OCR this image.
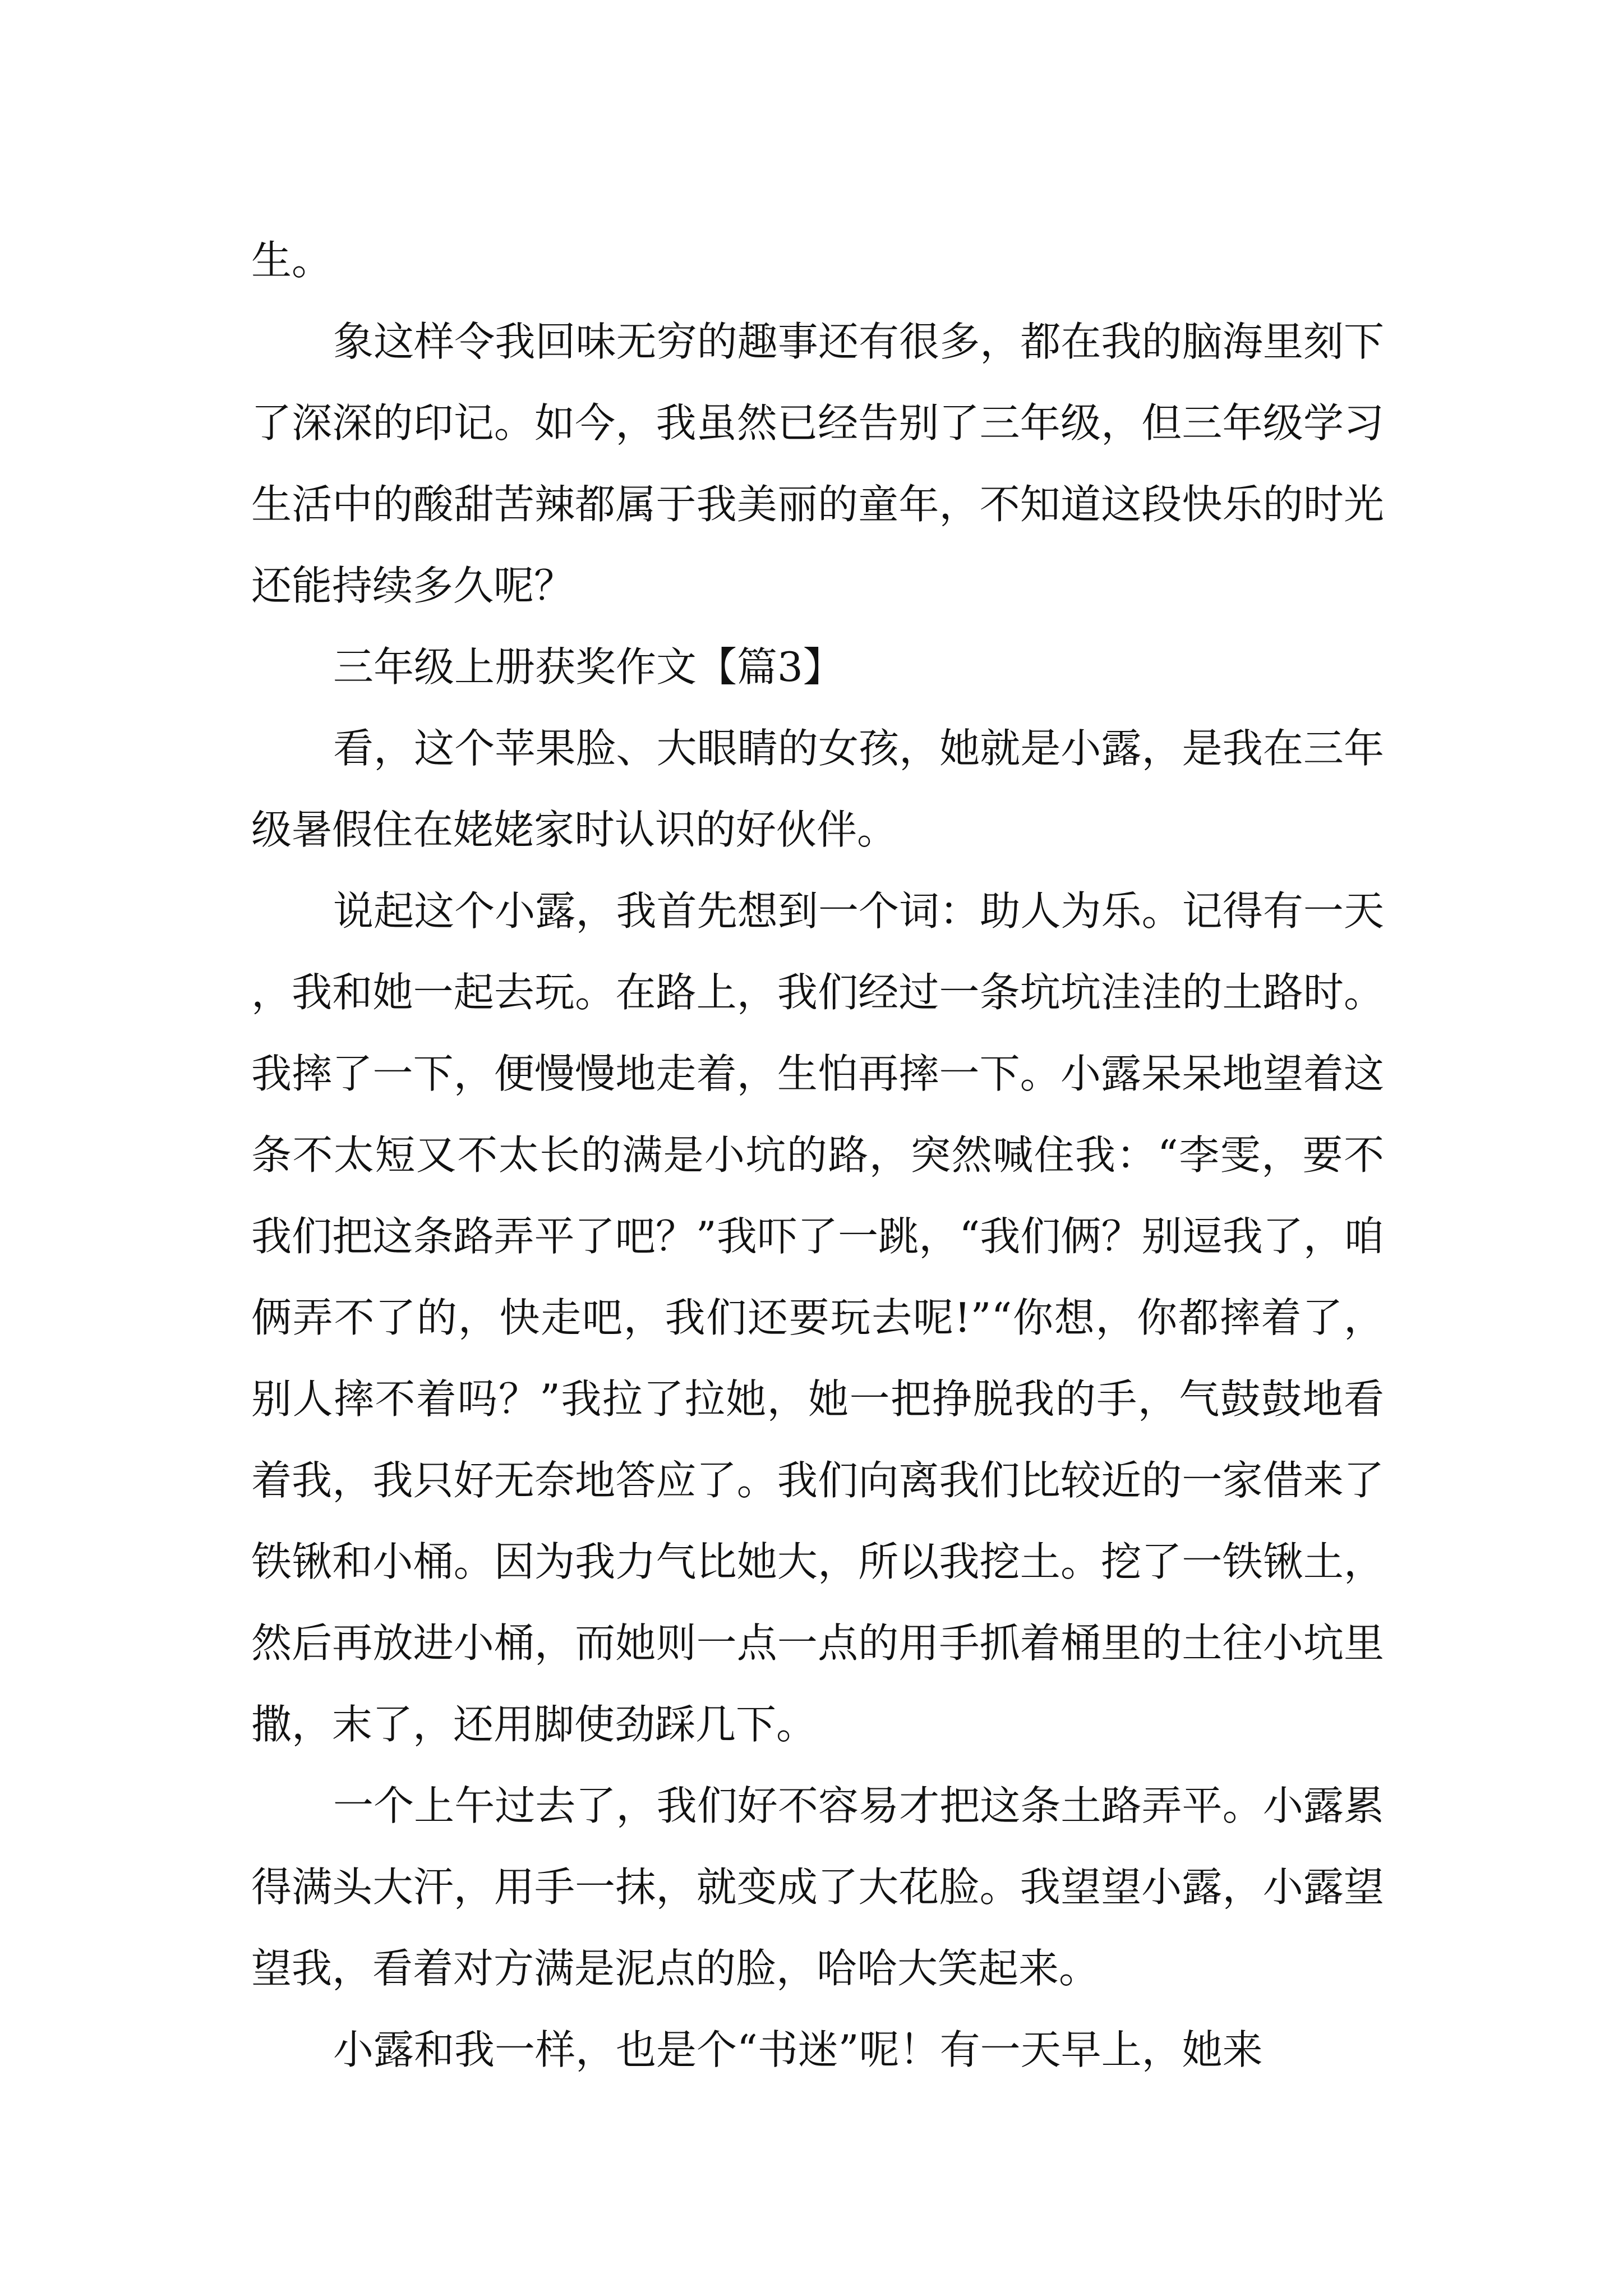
生。

象这样令我回味无穷的趣事还有很多，都在我的脑海里刻下了深深的印记。如今，我虽然已经告别了三年级，但三年级学习生活中的酸甜苦辣都属于我美丽的童年，不知道这段快乐的时光还能持续多久呢？

三年级上册获奖作文【篇3】

看，这个苹果脸、大眼睛的女孩，她就是小露，是我在三年级暑假住在姥姥家时认识的好伙伴。

说起这个小露，我首先想到一个词：助人为乐。记得有一天，我和她一起去玩。在路上，我们经过一条坑坑洼洼的土路时。我摔了一下，便慢慢地走着，生怕再摔一下。小露呆呆地望着这条不太短又不太长的满是小坑的路，突然喊住我：“李雯，要不我们把这条路弄平了吧？”我吓了一跳，“我们俩？别逗我了，咱俩弄不了的，快走吧，我们还要玩去呢!”“你想，你都摔着了，别人摔不着吗？”我拉了拉她，她一把挣脱我的手，气鼓鼓地看着我，我只好无奈地答应了。我们向离我们比较近的一家借来了铁锹和小桶。因为我力气比她大，所以我挖土。挖了一铁锹土，然后再放进小桶，而她则一点一点的用手抓着桶里的土往小坑里撒，末了，还用脚使劲踩几下。

一个上午过去了，我们好不容易才把这条土路弄平。小露累得满头大汗，用手一抹，就变成了大花脸。我望望小露，小露望望我，看着对方满是泥点的脸，哈哈大笑起来。

小露和我一样，也是个“书迷”呢！有一天早上，她来
